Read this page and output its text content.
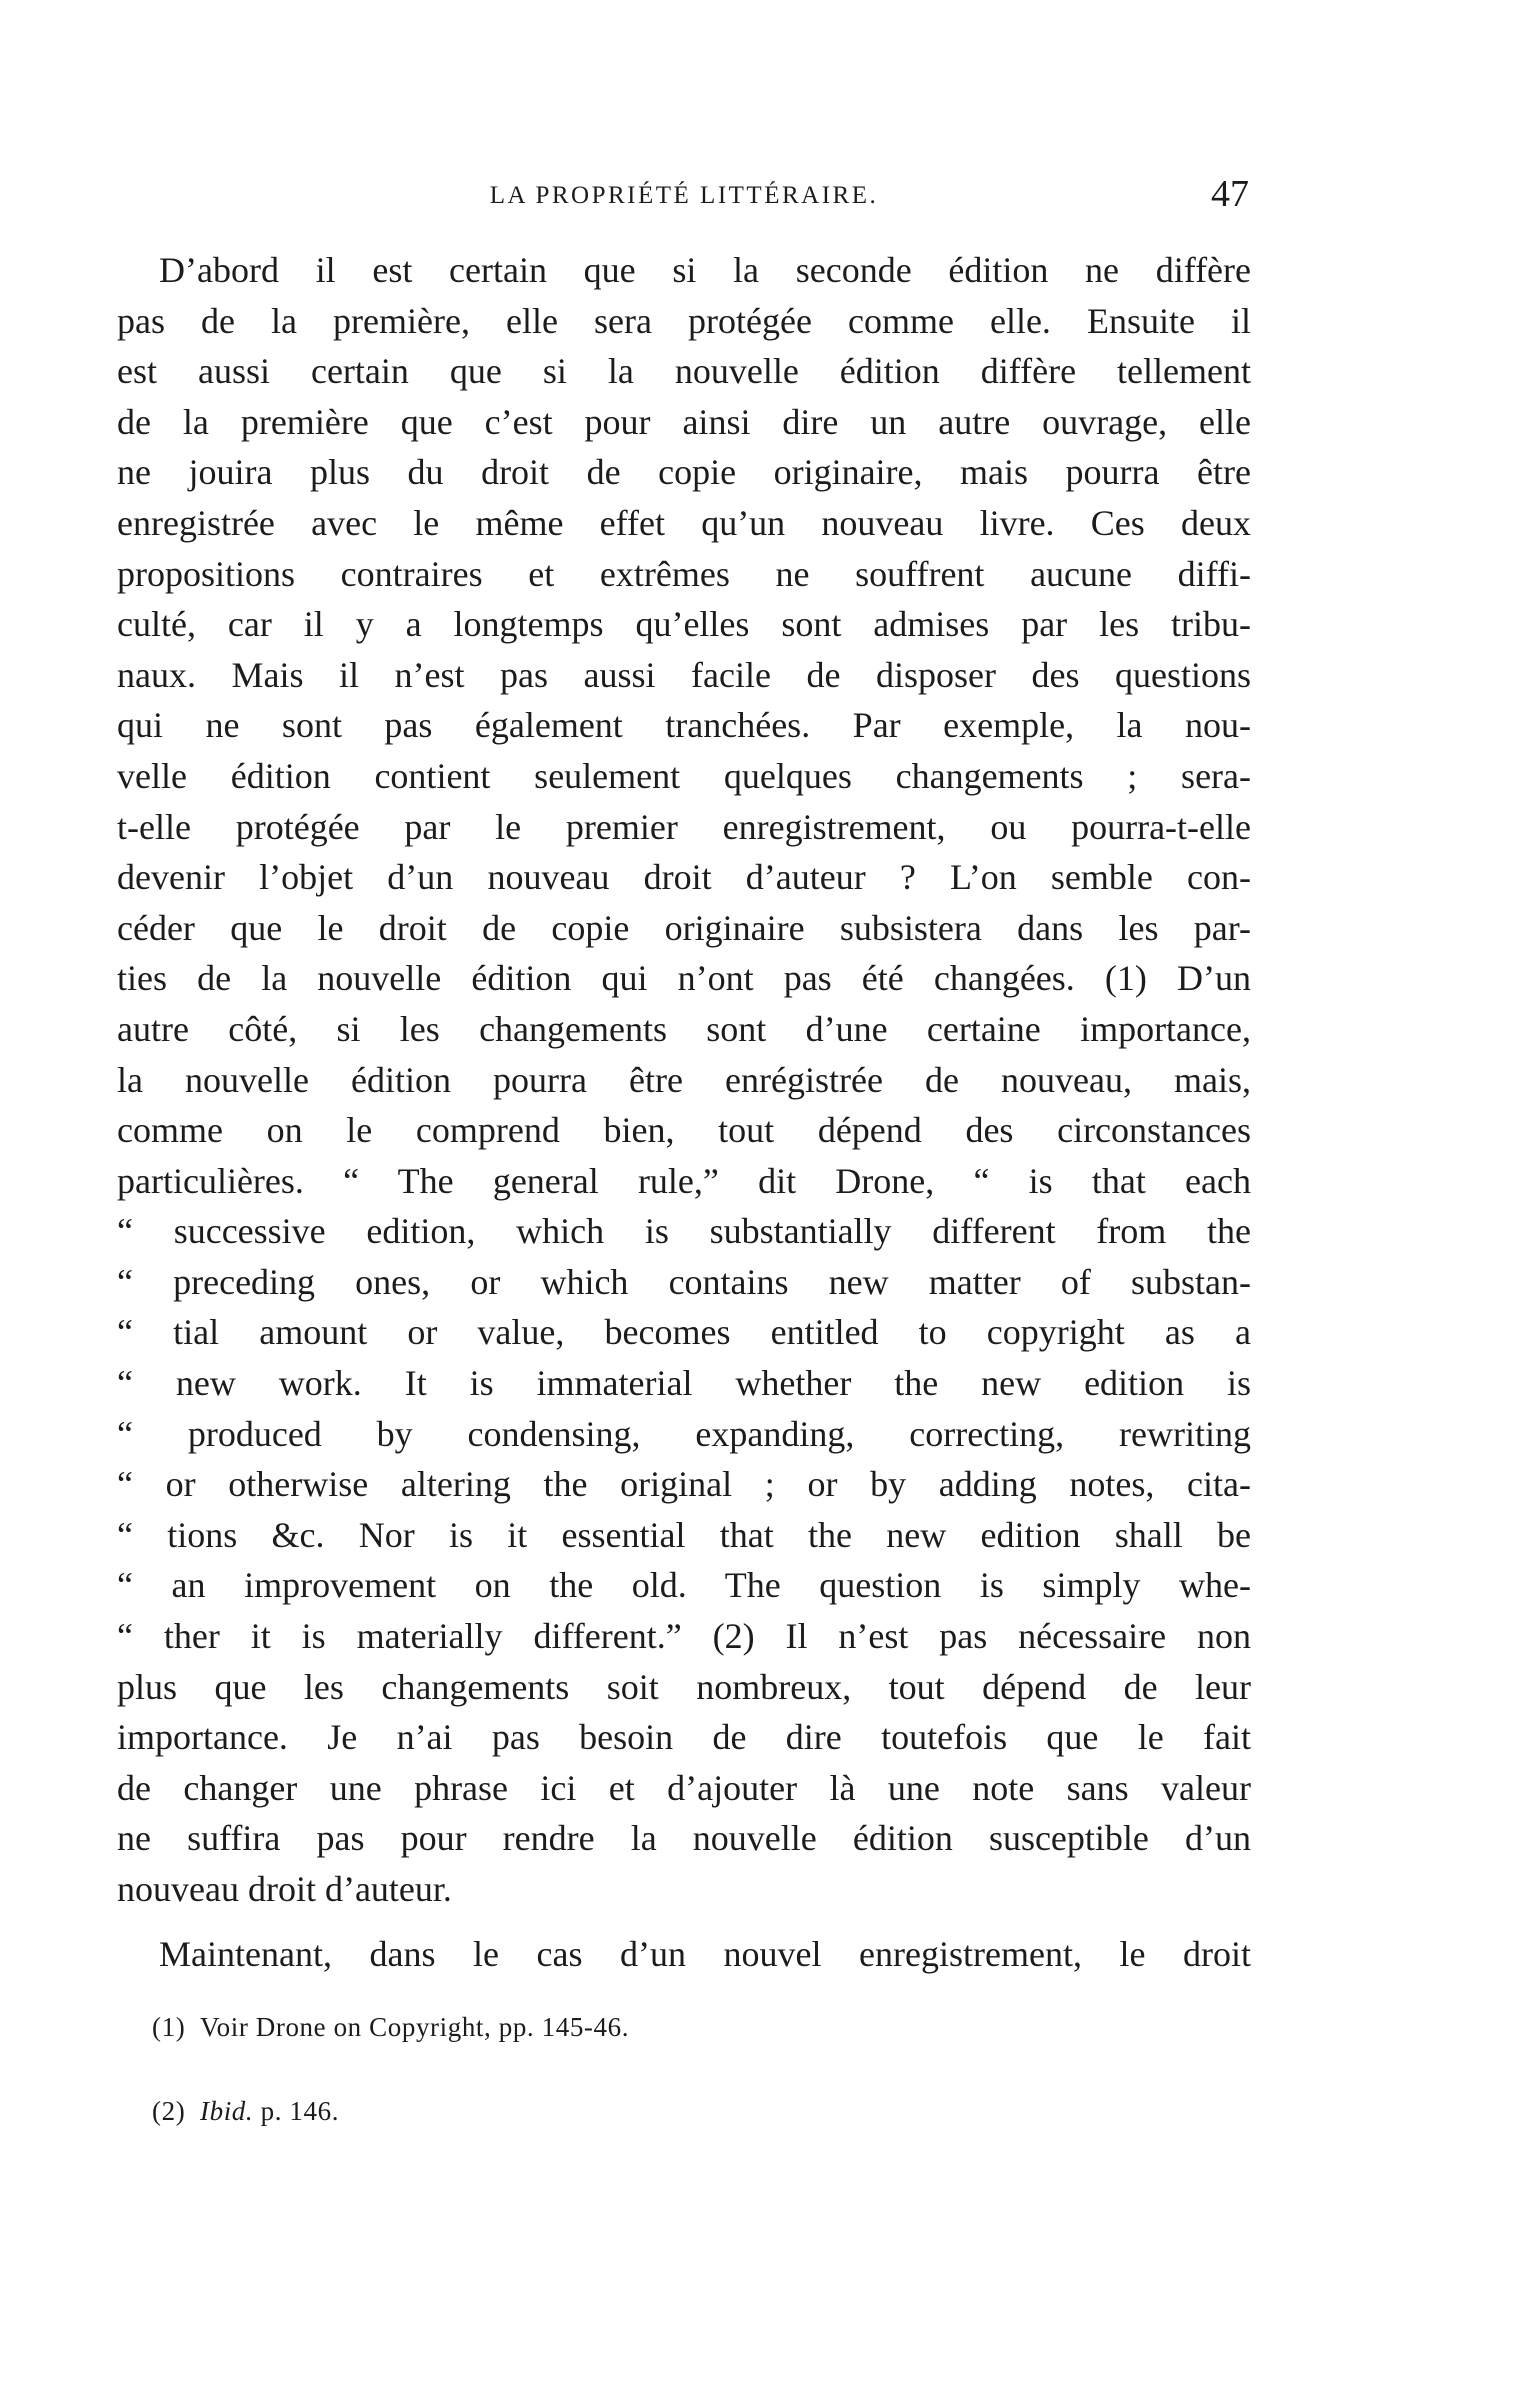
LA PROPRIÉTÉ LITTÉRAIRE.	47
D’abord il est certain que si la seconde édition ne diffère
pas de la première, elle sera protégée comme elle. Ensuite il
est aussi certain que si la nouvelle édition diffère tellement
de la première que c’est pour ainsi dire un autre ouvrage, elle
ne jouira plus du droit de copie originaire, mais pourra être
enregistrée avec le même effet qu’un nouveau livre. Ces deux
propositions contraires et extrêmes ne souffrent aucune diffi-
culté, car il y a longtemps qu’elles sont admises par les tribu-
naux. Mais il n’est pas aussi facile de disposer des questions
qui ne sont pas également tranchées. Par exemple, la nou-
velle édition contient seulement quelques changements ; sera-
t-elle protégée par le premier enregistrement, ou pourra-t-elle
devenir l’objet d’un nouveau droit d’auteur ? L’on semble con-
céder que le droit de copie originaire subsistera dans les par-
ties de la nouvelle édition qui n’ont pas été changées. (1) D’un
autre côté, si les changements sont d’une certaine importance,
la nouvelle édition pourra être enrégistrée de nouveau, mais,
comme on le comprend bien, tout dépend des circonstances
particulières. “ The general rule,” dit Drone, “ is that each
“ successive edition, which is substantially different from the
“ preceding ones, or which contains new matter of substan-
“ tial amount or value, becomes entitled to copyright as a
“ new work. It is immaterial whether the new edition is
“ produced by condensing, expanding, correcting, rewriting
“ or otherwise altering the original ; or by adding notes, cita-
“ tions &c. Nor is it essential that the new edition shall be
“ an improvement on the old. The question is simply whe-
“ ther it is materially different.” (2) Il n’est pas nécessaire non
plus que les changements soit nombreux, tout dépend de leur
importance. Je n’ai pas besoin de dire toutefois que le fait
de changer une phrase ici et d’ajouter là une note sans valeur
ne suffira pas pour rendre la nouvelle édition susceptible d’un
nouveau droit d’auteur.
Maintenant, dans le cas d’un nouvel enregistrement, le droit
(1) Voir Drone on Copyright, pp. 145-46.
(2) Ibid. p. 146.
